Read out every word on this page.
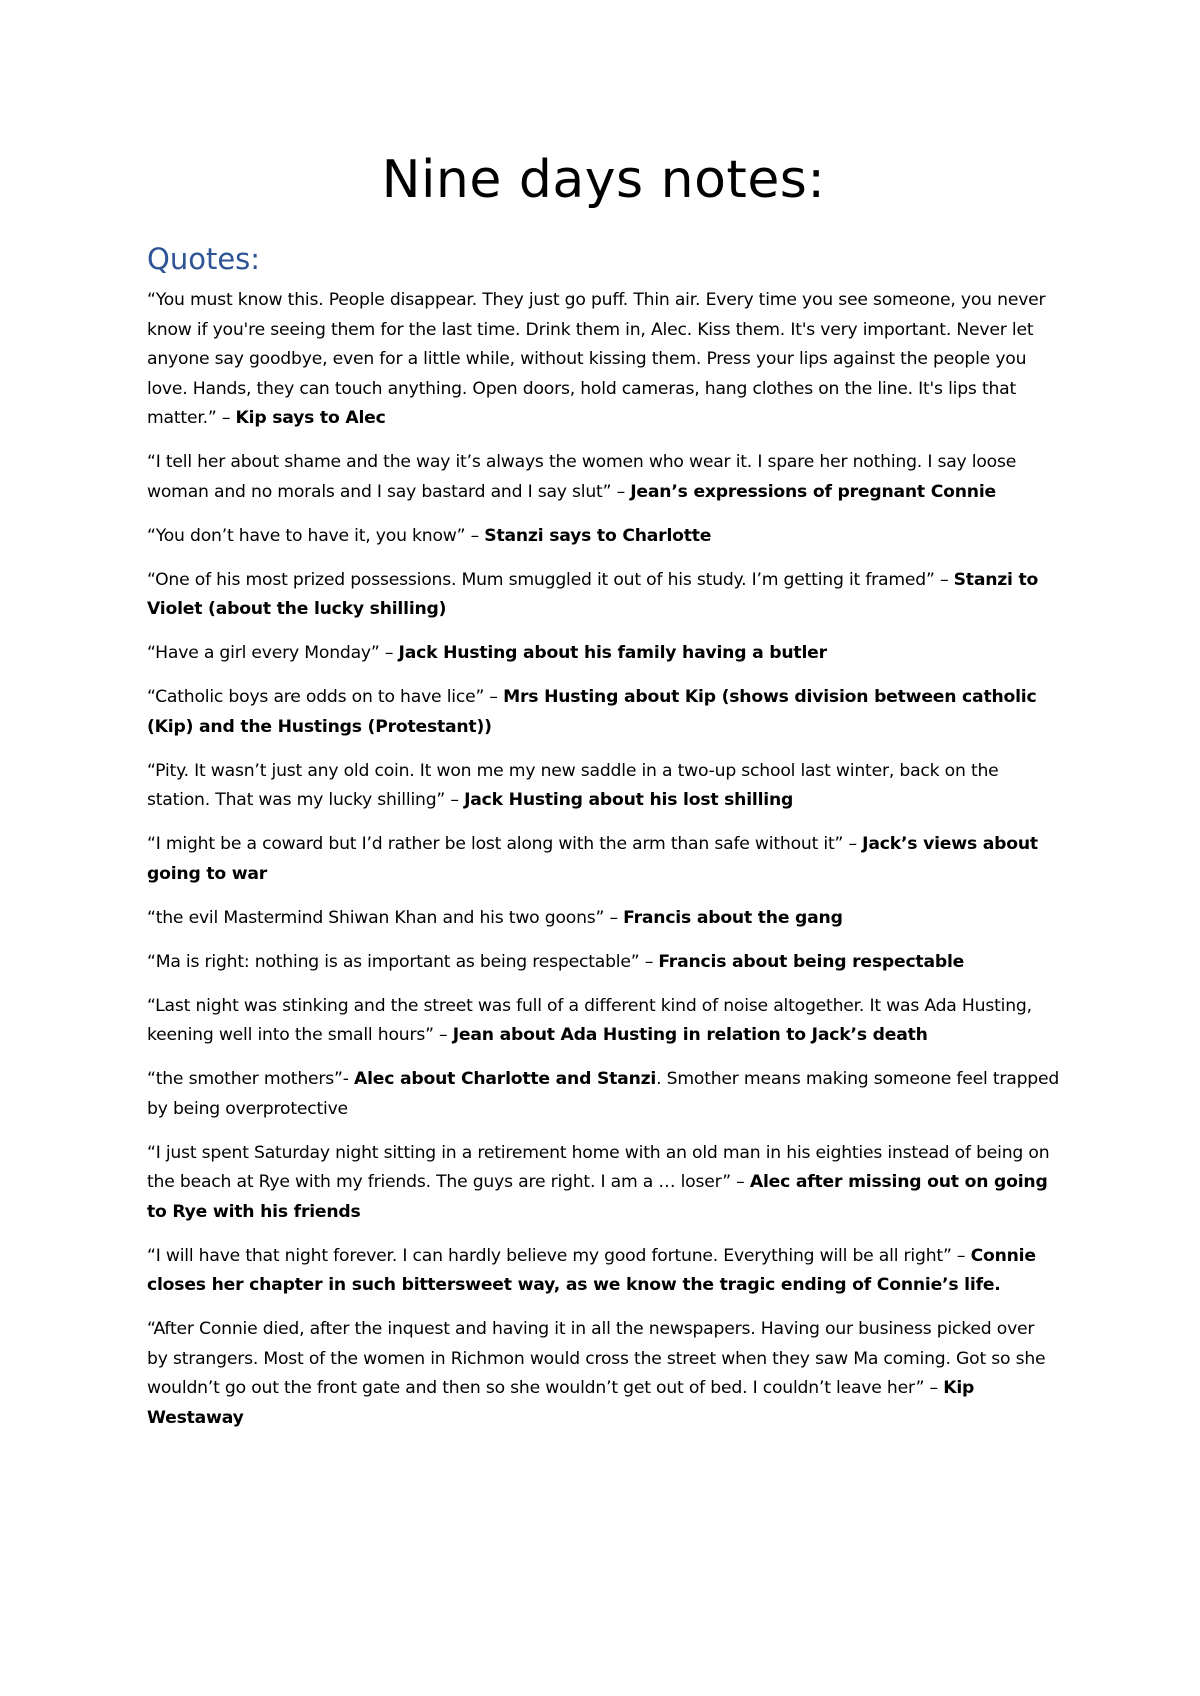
Nine days notes:
Quotes:

“You must know this. People disappear. They just go puff. Thin air. Every time you see someone, you never know if you're seeing them for the last time. Drink them in, Alec. Kiss them. It's very important. Never let anyone say goodbye, even for a little while, without kissing them. Press your lips against the people you love. Hands, they can touch anything. Open doors, hold cameras, hang clothes on the line. It's lips that matter.” – Kip says to Alec

“I tell her about shame and the way it’s always the women who wear it. I spare her nothing. I say loose woman and no morals and I say bastard and I say slut” – Jean’s expressions of pregnant Connie

“You don’t have to have it, you know” – Stanzi says to Charlotte

“One of his most prized possessions. Mum smuggled it out of his study. I’m getting it framed” – Stanzi to Violet (about the lucky shilling)

“Have a girl every Monday” – Jack Husting about his family having a butler

“Catholic boys are odds on to have lice” – Mrs Husting about Kip (shows division between catholic (Kip) and the Hustings (Protestant))

“Pity. It wasn’t just any old coin. It won me my new saddle in a two-up school last winter, back on the station. That was my lucky shilling” – Jack Husting about his lost shilling

“I might be a coward but I’d rather be lost along with the arm than safe without it” – Jack’s views about going to war

“the evil Mastermind Shiwan Khan and his two goons” – Francis about the gang

“Ma is right: nothing is as important as being respectable” – Francis about being respectable

“Last night was stinking and the street was full of a different kind of noise altogether. It was Ada Husting, keening well into the small hours” – Jean about Ada Husting in relation to Jack’s death

“the smother mothers”- Alec about Charlotte and Stanzi. Smother means making someone feel trapped by being overprotective

“I just spent Saturday night sitting in a retirement home with an old man in his eighties instead of being on the beach at Rye with my friends. The guys are right. I am a … loser” – Alec after missing out on going to Rye with his friends

“I will have that night forever. I can hardly believe my good fortune. Everything will be all right” – Connie closes her chapter in such bittersweet way, as we know the tragic ending of Connie’s life.

“After Connie died, after the inquest and having it in all the newspapers. Having our business picked over by strangers. Most of the women in Richmon would cross the street when they saw Ma coming. Got so she wouldn’t go out the front gate and then so she wouldn’t get out of bed. I couldn’t leave her” – Kip Westaway
